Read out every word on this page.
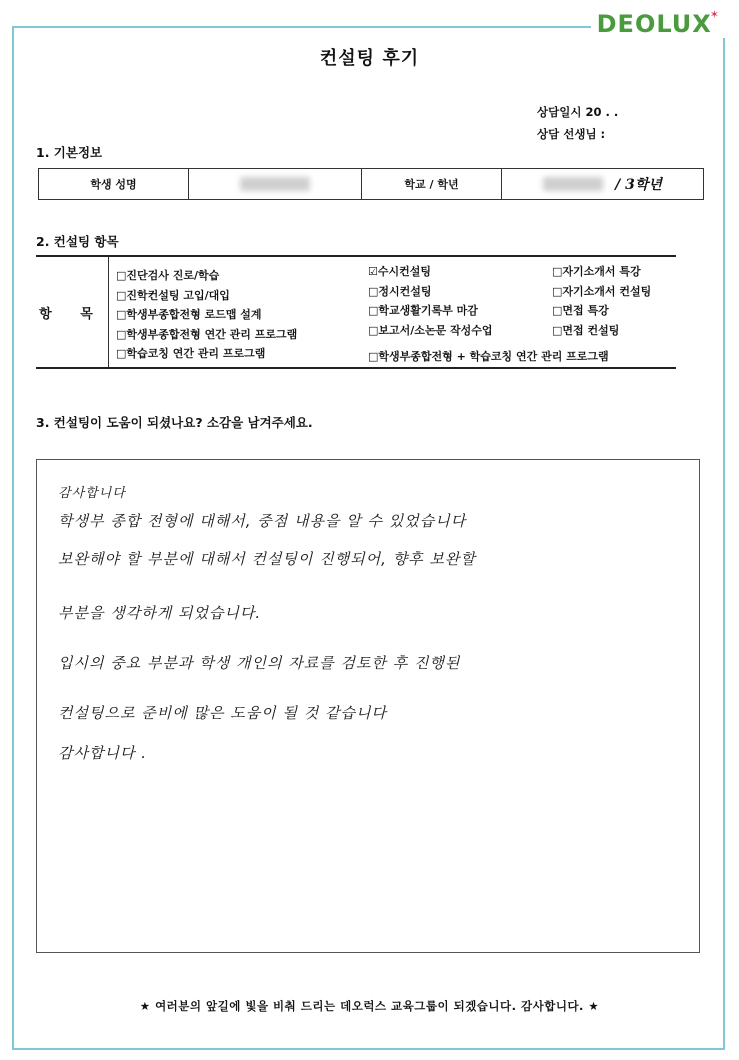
DEOLUX
✶
컨설팅 후기
상담일시 20 . .
상담 선생님 :
1. 기본정보
학생 성명	학교 / 학년	/ 3학년
2. 컨설팅 항목
항 목
□진단검사 진로/학습
□진학컨설팅 고입/대입
□학생부종합전형 로드맵 설계
□학생부종합전형 연간 관리 프로그램
□학습코칭 연간 관리 프로그램
☑수시컨설팅
□정시컨설팅
□학교생활기록부 마감
□보고서/소논문 작성수업
□학생부종합전형 + 학습코칭 연간 관리 프로그램
□자기소개서 특강
□자기소개서 컨설팅
□면접 특강
□면접 컨설팅
3. 컨설팅이 도움이 되셨나요? 소감을 남겨주세요.
감사합니다
학생부 종합 전형에 대해서, 중점 내용을 알 수 있었습니다
보완해야 할 부분에 대해서 컨설팅이 진행되어, 향후 보완할
부분을 생각하게 되었습니다.
입시의 중요 부분과 학생 개인의 자료를 검토한 후 진행된
컨설팅으로 준비에 많은 도움이 될 것 같습니다
감사합니다 .
★ 여러분의 앞길에 빛을 비춰 드리는 데오럭스 교육그룹이 되겠습니다. 감사합니다. ★
